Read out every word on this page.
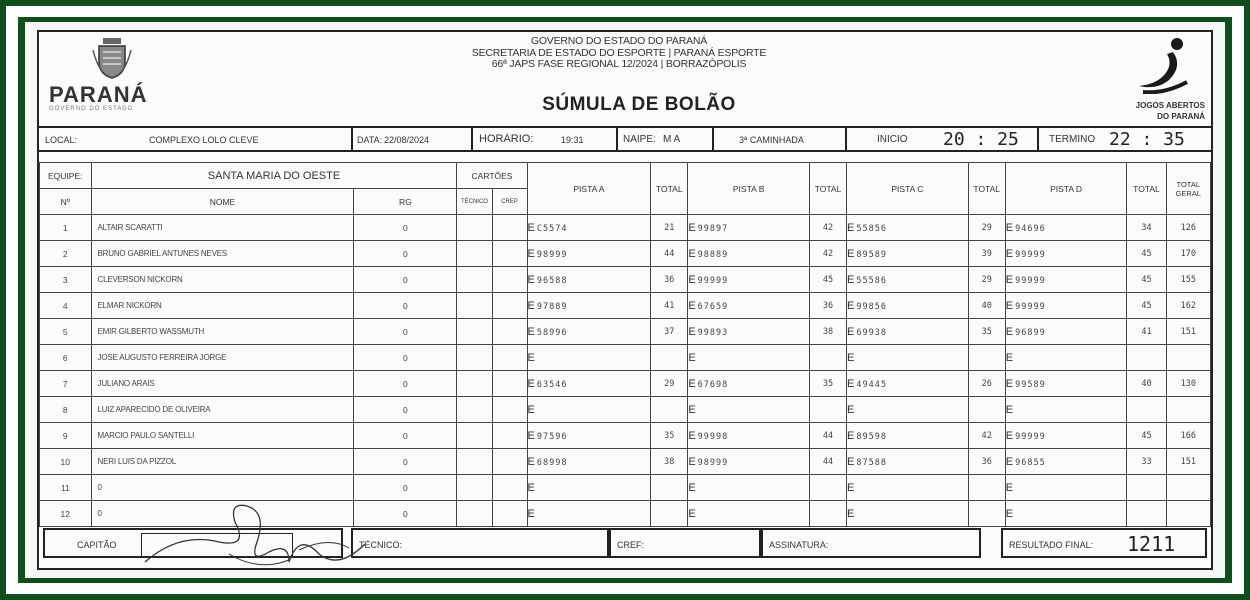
PARANÁ
GOVERNO DO ESTADO
GOVERNO DO ESTADO DO PARANÁ
SECRETARIA DE ESTADO DO ESPORTE | PARANÁ ESPORTE
66ª JAPS FASE REGIONAL 12/2024 | BORRAZÓPOLIS
SÚMULA DE BOLÃO	JOGOS ABERTOS DO PARANÁ
LOCAL:	COMPLEXO LOLO CLEVE	DATA: 22/08/2024	HORÁRIO:	19:31	NAIPE: M A	3ª CAMINHADA	INÍCIO 20 : 25	TERMINO 22 : 35
EQUIPE:	SANTA MARIA DO OESTE		CARTÕES		PISTA A	TOTAL	PISTA B	TOTAL	PISTA C	TOTAL	PISTA D	TOTAL	TOTAL GERAL
Nº	NOME	RG	TÉCNICO	CREP									
1	ALTAIR SCARATTI	0			EC5574	21	E99897	42	E55856	29	E94696	34	126
2	BRUNO GABRIEL ANTUNES NEVES	0			E98999	44	E98889	42	E89589	39	E99999	45	170
3	CLEVERSON NICKORN	0			E96588	36	E99999	45	E55586	29	E99999	45	155
4	ELMAR NICKORN	0			E97889	41	E67659	36	E99856	40	E99999	45	162
5	EMIR GILBERTO WASSMUTH	0			E58996	37	E99893	38	E69938	35	E96899	41	151
6	JOSE AUGUSTO FERREIRA JORGE	0			E		E		E		E		
7	JULIANO ARAIS	0			E63546	29	E67698	35	E49445	26	E99589	40	130
8	LUIZ APARECIDO DE OLIVEIRA	0			E		E		E		E		
9	MARCIO PAULO SANTELLI	0			E97596	35	E99998	44	E89598	42	E99999	45	166
10	NERI LUIS DA PIZZOL	0			E68998	38	E98999	44	E87588	36	E96855	33	151
11	0	0			E		E		E		E		
12	0	0			E		E		E		E		
CAPITÃO	TÉCNICO:	CREF:	ASSINATURA:	RESULTADO FINAL: 1211
